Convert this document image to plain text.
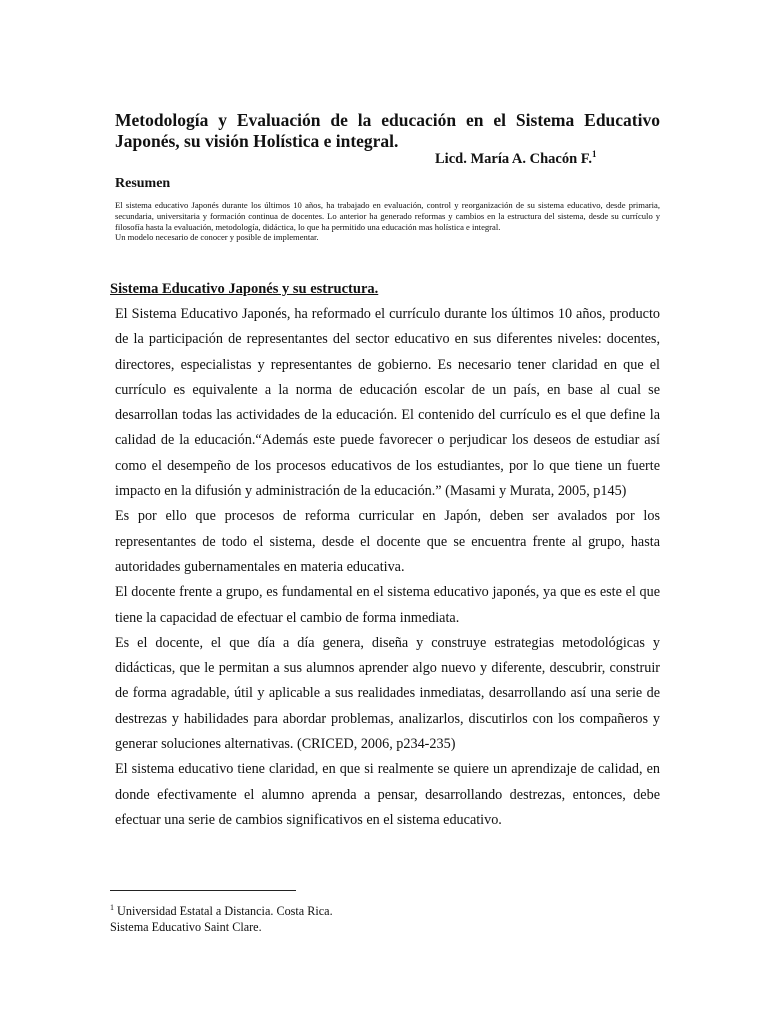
Metodología y Evaluación de la educación en el Sistema Educativo Japonés, su visión Holística e integral.
Licd. María A. Chacón F.$^1$
Resumen

El sistema educativo Japonés durante los últimos 10 años, ha trabajado en evaluación, control y reorganización de su sistema educativo, desde primaria, secundaria, universitaria y formación continua de docentes. Lo anterior ha generado reformas y cambios en la estructura del sistema, desde su currículo y filosofía hasta la evaluación, metodología, didáctica, lo que ha permitido una educación mas holística e integral.

Un modelo necesario de conocer y posible de implementar.

Sistema Educativo Japonés y su estructura.

El Sistema Educativo Japonés, ha reformado el currículo durante los últimos 10 años, producto de la participación de representantes del sector educativo en sus diferentes niveles: docentes, directores, especialistas y representantes de gobierno. Es necesario tener claridad en que el currículo es equivalente a la norma de educación escolar de un país, en base al cual se desarrollan todas las actividades de la educación. El contenido del currículo es el que define la calidad de la educación.“Además este puede favorecer o perjudicar los deseos de estudiar así como el desempeño de los procesos educativos de los estudiantes, por lo que tiene un fuerte impacto en la difusión y administración de la educación.” (Masami y Murata, 2005, p145)

Es por ello que procesos de reforma curricular en Japón, deben ser avalados por los representantes de todo el sistema, desde el docente que se encuentra frente al grupo, hasta autoridades gubernamentales en materia educativa.

El docente frente a grupo, es fundamental en el sistema educativo japonés, ya que es este el que tiene la capacidad de efectuar el cambio de forma inmediata.

Es el docente, el que día a día genera, diseña y construye estrategias metodológicas y didácticas, que le permitan a sus alumnos aprender algo nuevo y diferente, descubrir, construir de forma agradable, útil y aplicable a sus realidades inmediatas, desarrollando así una serie de destrezas y habilidades para abordar problemas, analizarlos, discutirlos con los compañeros y generar soluciones alternativas. (CRICED, 2006, p234-235)

El sistema educativo tiene claridad, en que si realmente se quiere un aprendizaje de calidad, en donde efectivamente el alumno aprenda a pensar, desarrollando destrezas, entonces, debe efectuar una serie de cambios significativos en el sistema educativo.

$^1$ Universidad Estatal a Distancia. Costa Rica.

Sistema Educativo Saint Clare.
